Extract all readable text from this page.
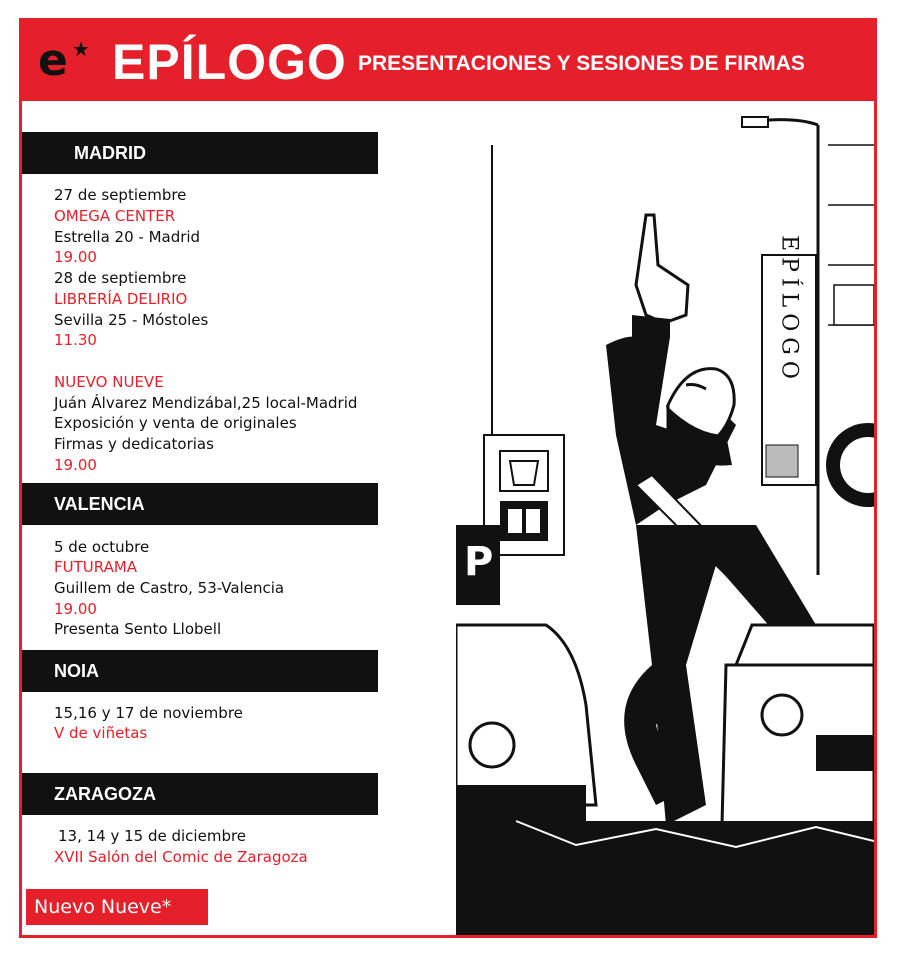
e ★ EPÍLOGO PRESENTACIONES Y SESIONES DE FIRMAS
MADRID
27 de septiembre
OMEGA CENTER
Estrella 20 - Madrid
19.00
28 de septiembre
LIBRERÍA DELIRIO
Sevilla 25 - Móstoles
11.30
NUEVO NUEVE
Juán Álvarez Mendizábal,25 local-Madrid
Exposición y venta de originales
Firmas y dedicatorias
19.00
VALENCIA
5 de octubre
FUTURAMA
Guillem de Castro, 53-Valencia
19.00
Presenta Sento Llobell
NOIA
15,16 y 17 de noviembre
V de viñetas
ZARAGOZA
13, 14 y 15 de diciembre
XVII Salón del Comic de Zaragoza
Nuevo Nueve*
EPÍLOGO
P
